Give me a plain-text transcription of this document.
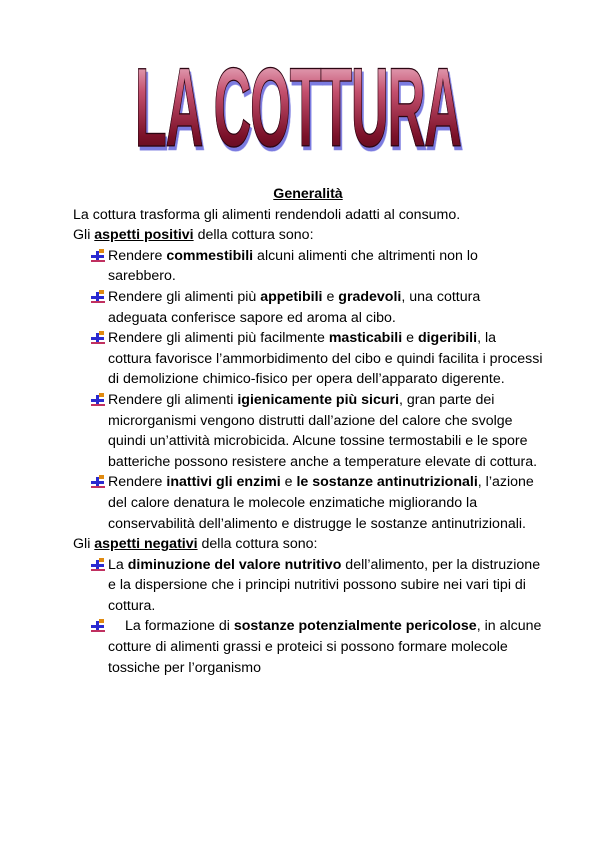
LA COTTURA
Generalità

La cottura trasforma gli alimenti rendendoli adatti al consumo.

Gli aspetti positivi della cottura sono:

Rendere commestibili alcuni alimenti che altrimenti non lo sarebbero.
Rendere gli alimenti più appetibili e gradevoli, una cottura adeguata conferisce sapore ed aroma al cibo.
Rendere gli alimenti più facilmente masticabili e digeribili, la cottura favorisce l’ammorbidimento del cibo e quindi facilita i processi di demolizione chimico-fisico per opera dell’apparato digerente.
Rendere gli alimenti igienicamente più sicuri, gran parte dei microrganismi vengono distrutti dall’azione del calore che svolge quindi un’attività microbicida. Alcune tossine termostabili e le spore batteriche possono resistere anche a temperature elevate di cottura.
Rendere inattivi gli enzimi e le sostanze antinutrizionali, l’azione del calore denatura le molecole enzimatiche migliorando la conservabilità dell’alimento e distrugge le sostanze antinutrizionali.

Gli aspetti negativi della cottura sono:

La diminuzione del valore nutritivo dell’alimento, per la distruzione e la dispersione che i principi nutritivi possono subire nei vari tipi di cottura.
La formazione di sostanze potenzialmente pericolose, in alcune cotture di alimenti grassi e proteici si possono formare molecole tossiche per l’organismo
